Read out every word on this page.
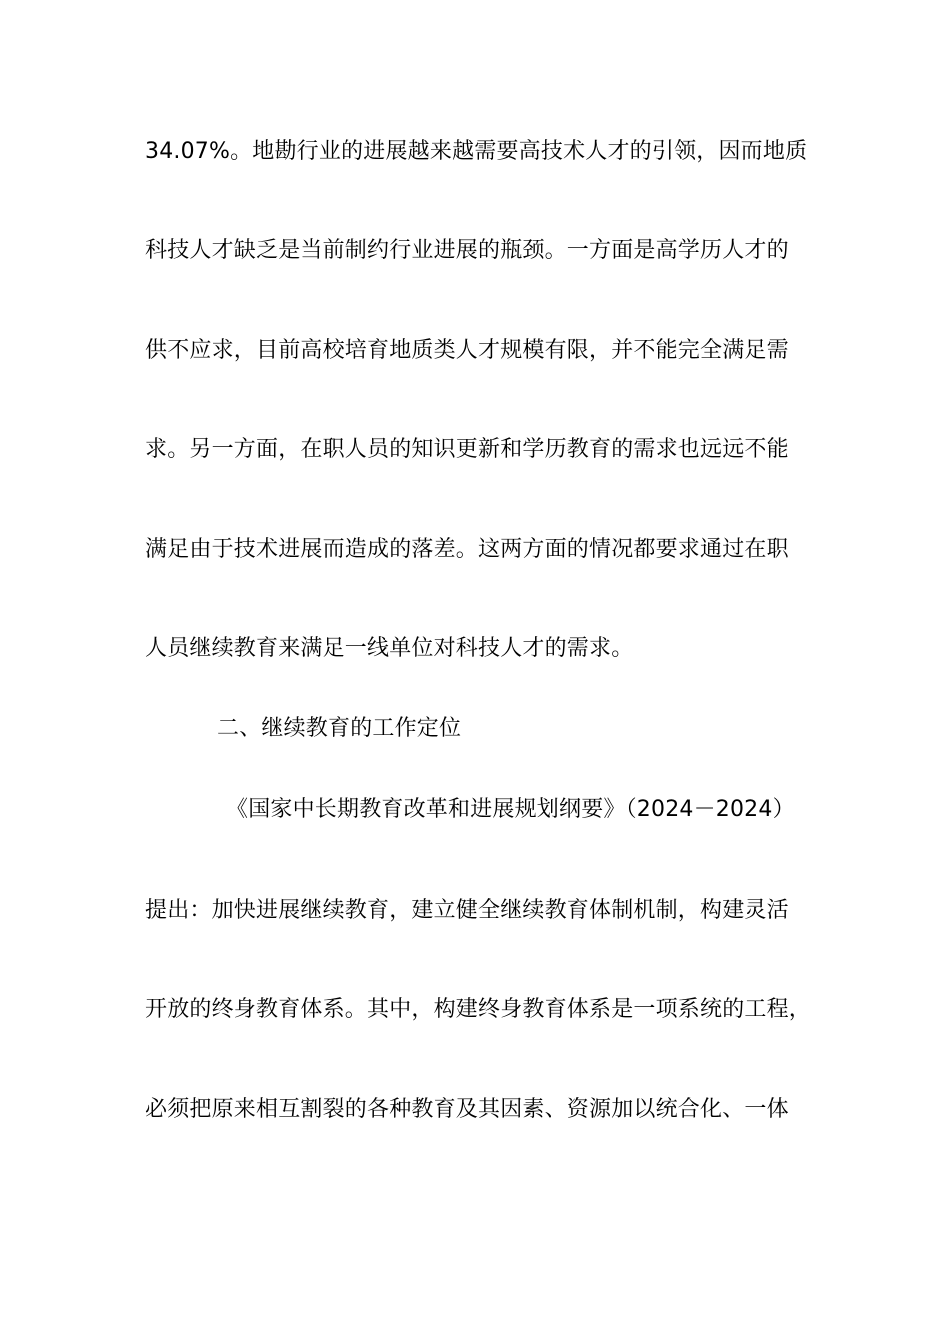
34.07%。地勘行业的进展越来越需要高技术人才的引领，因而地质
科技人才缺乏是当前制约行业进展的瓶颈。一方面是高学历人才的
供不应求，目前高校培育地质类人才规模有限，并不能完全满足需
求。另一方面，在职人员的知识更新和学历教育的需求也远远不能
满足由于技术进展而造成的落差。这两方面的情况都要求通过在职
人员继续教育来满足一线单位对科技人才的需求。
二、继续教育的工作定位
《国家中长期教育改革和进展规划纲要》（2024－2024）
提出：加快进展继续教育，建立健全继续教育体制机制，构建灵活
开放的终身教育体系。其中，构建终身教育体系是一项系统的工程，
必须把原来相互割裂的各种教育及其因素、资源加以统合化、一体
